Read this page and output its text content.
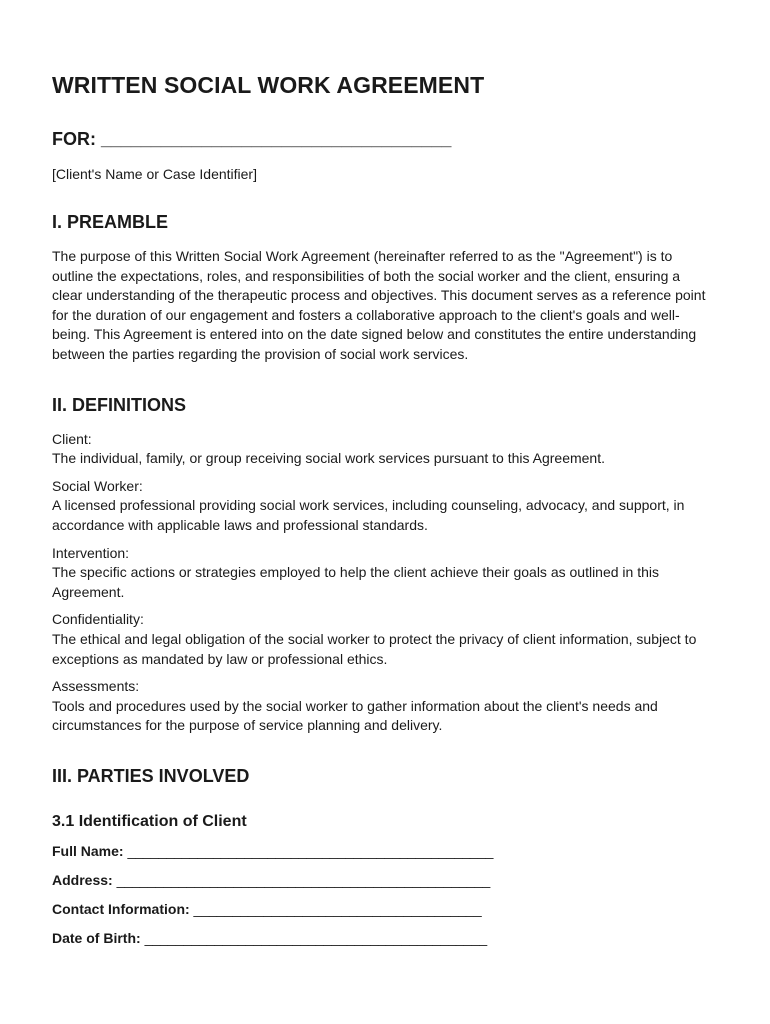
WRITTEN SOCIAL WORK AGREEMENT
FOR: ___________________________________
[Client's Name or Case Identifier]
I. PREAMBLE

The purpose of this Written Social Work Agreement (hereinafter referred to as the "Agreement") is to outline the expectations, roles, and responsibilities of both the social worker and the client, ensuring a clear understanding of the therapeutic process and objectives. This document serves as a reference point for the duration of our engagement and fosters a collaborative approach to the client's goals and well-being. This Agreement is entered into on the date signed below and constitutes the entire understanding between the parties regarding the provision of social work services.

II. DEFINITIONS
Client:
The individual, family, or group receiving social work services pursuant to this Agreement.
Social Worker:
A licensed professional providing social work services, including counseling, advocacy, and support, in accordance with applicable laws and professional standards.
Intervention:
The specific actions or strategies employed to help the client achieve their goals as outlined in this Agreement.
Confidentiality:
The ethical and legal obligation of the social worker to protect the privacy of client information, subject to exceptions as mandated by law or professional ethics.
Assessments:
Tools and procedures used by the social worker to gather information about the client's needs and circumstances for the purpose of service planning and delivery.
III. PARTIES INVOLVED
3.1 Identification of Client
Full Name: _______________________________________________
Address: ________________________________________________
Contact Information: _____________________________________
Date of Birth: ____________________________________________
